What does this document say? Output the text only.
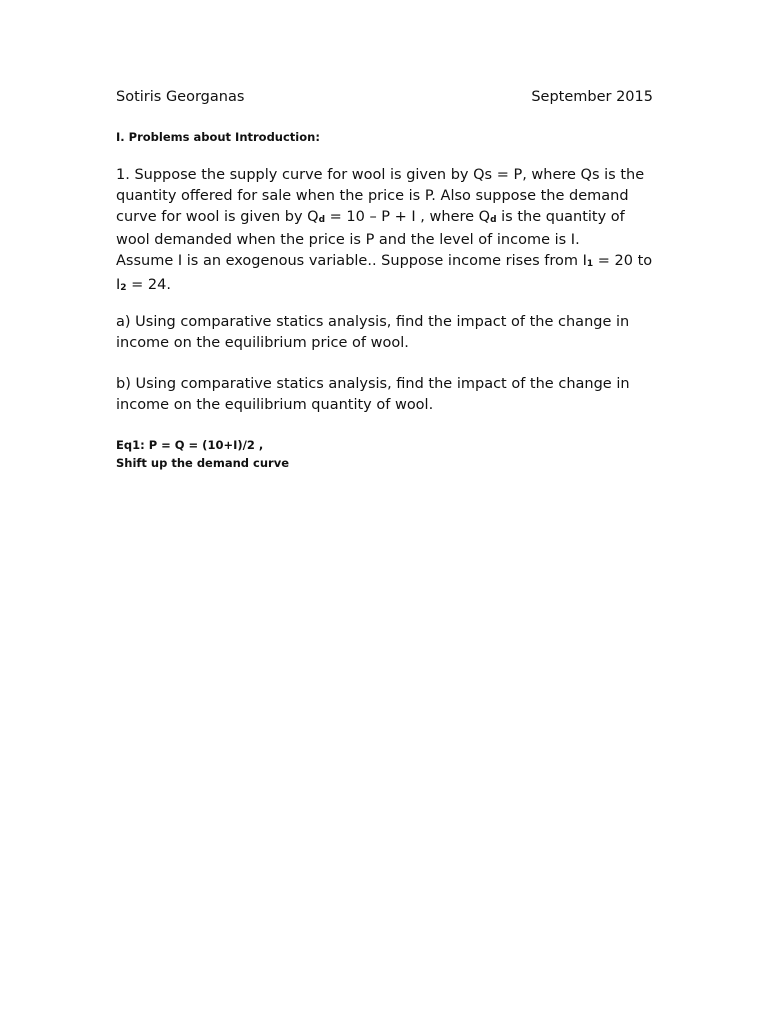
Sotiris Georganas	September 2015
I. Problems about Introduction:
1. Suppose the supply curve for wool is given by Qs = P, where Qs is the
quantity offered for sale when the price is P. Also suppose the demand
curve for wool is given by Qd = 10 – P + I , where Qd is the quantity of
wool demanded when the price is P and the level of income is I.
Assume I is an exogenous variable.. Suppose income rises from I1 = 20 to
I2 = 24.
a) Using comparative statics analysis, find the impact of the change in
income on the equilibrium price of wool.
b) Using comparative statics analysis, find the impact of the change in
income on the equilibrium quantity of wool.
Eq1: P = Q = (10+I)/2 ,
Shift up the demand curve
